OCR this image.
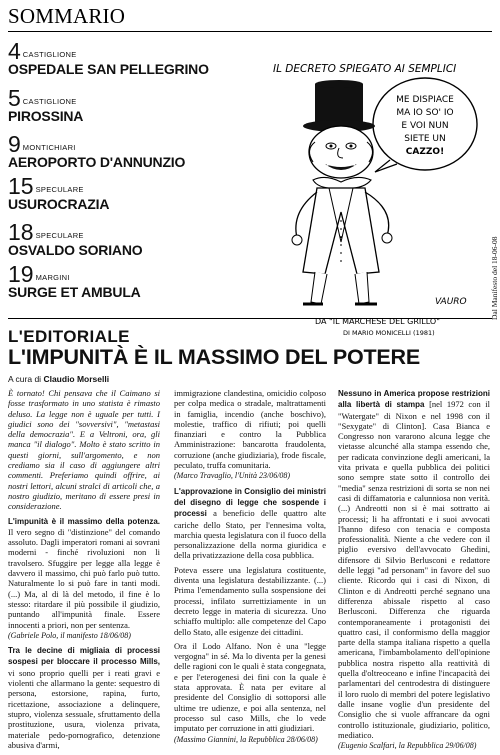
SOMMARIO
4 CASTIGLIONE
OSPEDALE SAN PELLEGRINO
5 CASTIGLIONE
PIROSSINA
9 MONTICHIARI
AEROPORTO D'ANNUNZIO
15 SPECULARE
USUROCRAZIA
18 SPECULARE
OSVALDO SORIANO
19 MARGINI
SURGE ET AMBULA
IL DECRETO SPIEGATO AI SEMPLICI
ME DISPIACE
MA IO SO' IO
E VOI NUN
SIETE UN
CAZZO!
VAURO
DA "IL MARCHESE DEL GRILLO"
DI MARIO MONICELLI (1981)
Dal Manifesto del 18-06-08
L'EDITORIALE
L'IMPUNITÀ È IL MASSIMO DEL POTERE
A cura di Claudio Morselli

È tornato! Chi pensava che il Caimano si fosse trasformato in uno statista è rimasto deluso. La legge non è uguale per tutti. I giudici sono dei "sovversivi", "metastasi della democrazia". E a Veltroni, ora, gli manca "il dialogo". Molto è stato scritto in questi giorni, sull'argomento, e non crediamo sia il caso di aggiungere altri commenti. Preferiamo quindi offrire, ai nostri lettori, alcuni stralci di articoli che, a nostro giudizio, meritano di essere presi in considerazione.

L'impunità è il massimo della potenza. Il vero segno di "distinzione" del comando assoluto. Dagli imperatori romani ai sovrani moderni - finché rivoluzioni non li travolsero. Sfuggire per legge alla legge è davvero il massimo, chi può farlo può tutto. Naturalmente lo si può fare in tanti modi. (...) Ma, al di là del metodo, il fine è lo stesso: ritardare il più possibile il giudizio, puntando all'impunità finale. Essere innocenti a priori, non per sentenza.
(Gabriele Polo, il manifesto 18/06/08)

Tra le decine di migliaia di processi sospesi per bloccare il processo Mills, vi sono proprio quelli per i reati gravi e violenti che allarmano la gente: sequestro di persona, estorsione, rapina, furto, ricettazione, associazione a delinquere, stupro, violenza sessuale, sfruttamento della prostituzione, usura, violenza privata, materiale pedo-pornografico, detenzione abusiva d'armi,

immigrazione clandestina, omicidio colposo per colpa medica o stradale, maltrattamenti in famiglia, incendio (anche boschivo), molestie, traffico di rifiuti; poi quelli finanziari e contro la Pubblica Amministrazione: bancarotta fraudolenta, corruzione (anche giudiziaria), frode fiscale, peculato, truffa comunitaria.
(Marco Travaglio, l'Unità 23/06/08)

L'approvazione in Consiglio dei ministri del disegno di legge che sospende i processi a beneficio delle quattro alte cariche dello Stato, per l'ennesima volta, marchia questa legislatura con il fuoco della personalizzazione della norma giuridica e della privatizzazione della cosa pubblica.

Poteva essere una legislatura costituente, diventa una legislatura destabilizzante. (...) Prima l'emendamento sulla sospensione dei processi, infilato surrettiziamente in un decreto legge in materia di sicurezza. Uno schiaffo multiplo: alle competenze del Capo dello Stato, alle esigenze dei cittadini.

Ora il Lodo Alfano. Non è una "legge vergogna" in sé. Ma lo diventa per la genesi delle ragioni con le quali è stata congegnata, e per l'eterogenesi dei fini con la quale è stata approvata. È nata per evitare al presidente del Consiglio di sottoporsi alle ultime tre udienze, e poi alla sentenza, nel processo sul caso Mills, che lo vede imputato per corruzione in atti giudiziari.
(Massimo Giannini, la Repubblica 28/06/08)

Nessuno in America propose restrizioni alla libertà di stampa [nel 1972 con il "Watergate" di Nixon e nel 1998 con il "Sexygate" di Clinton]. Casa Bianca e Congresso non vararono alcuna legge che vietasse alcunché alla stampa essendo che, per radicata convinzione degli americani, la vita privata e quella pubblica dei politici sono sempre state sotto il controllo dei "media" senza restrizioni di sorta se non nei casi di diffamatoria e calunniosa non verità. (...) Andreotti non si è mai sottratto ai processi; li ha affrontati e i suoi avvocati l'hanno difeso con tenacia e composta professionalità. Niente a che vedere con il piglio eversivo dell'avvocato Ghedini, difensore di Silvio Berlusconi e redattore delle leggi "ad personam" in favore del suo cliente. Ricordo qui i casi di Nixon, di Clinton e di Andreotti perché segnano una differenza abissale rispetto al caso Berlusconi. Differenza che riguarda contemporaneamente i protagonisti dei quattro casi, il conformismo della maggior parte della stampa italiana rispetto a quella americana, l'imbambolamento dell'opinione pubblica nostra rispetto alla reattività di quella d'oltreoceano e infine l'incapacità dei parlamentari del centrodestra di distinguere il loro ruolo di membri del potere legislativo dalle insane voglie d'un presidente del Consiglio che si vuole affrancare da ogni controllo istituzionale, giudiziario, politico, mediatico.
(Eugenio Scalfari, la Repubblica 29/06/08)
